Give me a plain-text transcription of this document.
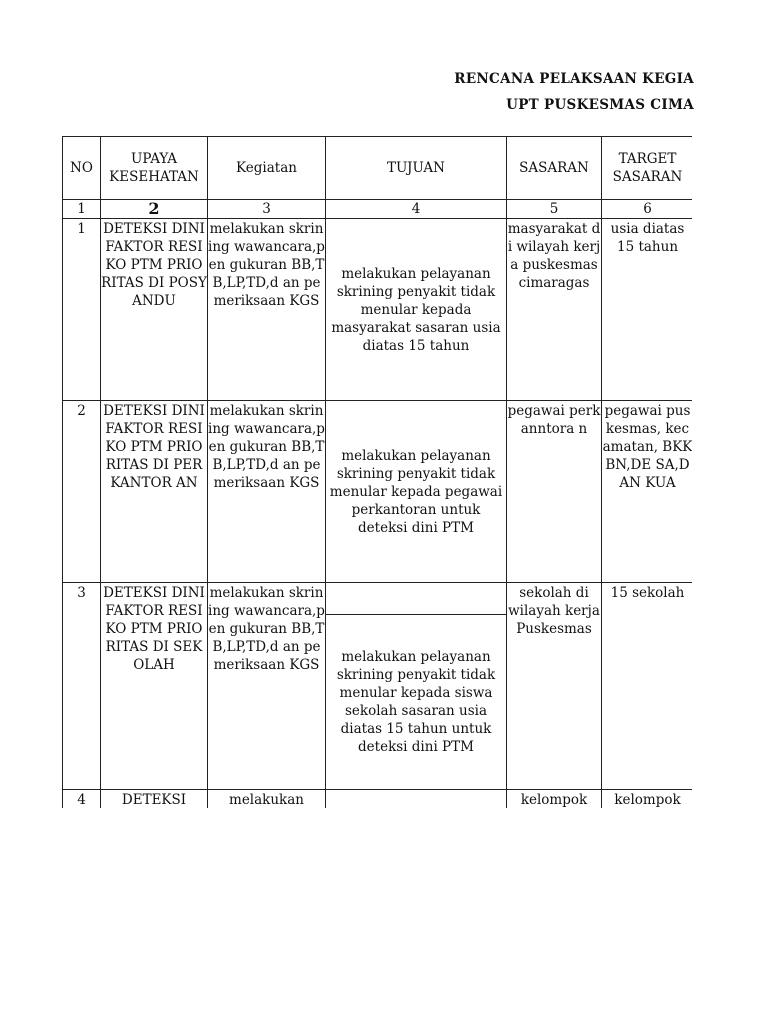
RENCANA PELAKSAAN KEGIA
UPT PUSKESMAS CIMA
NO	UPAYA KESEHATAN	Kegiatan	TUJUAN	SASARAN	TARGET SASARAN
1	2	3	4	5	6
1	DETEKSI DINI FAKTOR RESIKO PTM PRIORITAS DI POSYANDU	melakukan skrining wawancara,pen gukuran BB,TB,LP,TD,d an pemeriksaan KGS	melakukan pelayanan skrining penyakit tidak menular kepada masyarakat sasaran usia diatas 15 tahun	masyarakat di wilayah kerja puskesmas cimaragas	usia diatas 15 tahun
2	DETEKSI DINI FAKTOR RESIKO PTM PRIORITAS DI PERKANTOR AN	melakukan skrining wawancara,pen gukuran BB,TB,LP,TD,d an pemeriksaan KGS	melakukan pelayanan skrining penyakit tidak menular kepada pegawai perkantoran untuk deteksi dini PTM	pegawai perkanntora n	pegawai puskesmas, kecamatan, BKKBN,DE SA,DAN KUA
3	DETEKSI DINI FAKTOR RESIKO PTM PRIORITAS DI SEKOLAH	melakukan skrining wawancara,pen gukuran BB,TB,LP,TD,d an pemeriksaan KGS		sekolah di wilayah kerja Puskesmas	15 sekolah
			melakukan pelayanan skrining penyakit tidak menular kepada siswa sekolah sasaran usia diatas 15 tahun untuk deteksi dini PTM		
4	DETEKSI	melakukan		kelompok	kelompok
